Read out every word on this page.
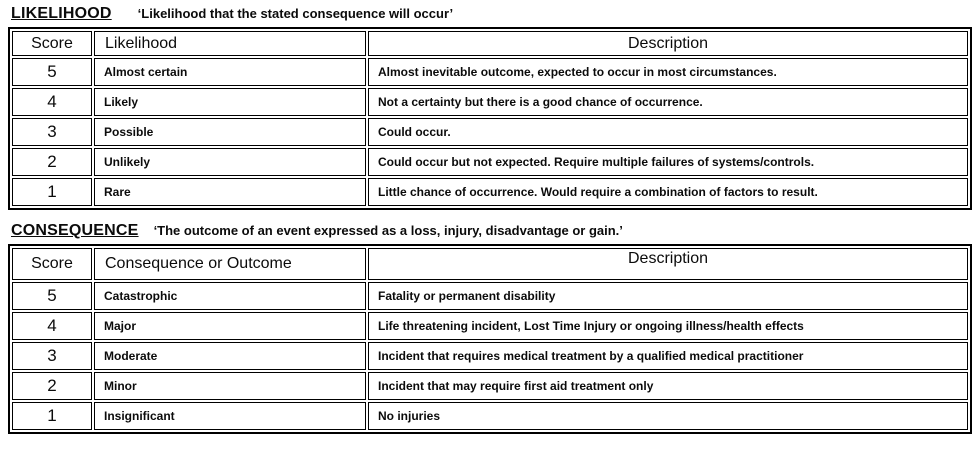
LIKELIHOOD ‘Likelihood that the stated consequence will occur’
Score	Likelihood	Description
5	Almost certain	Almost inevitable outcome, expected to occur in most circumstances.
4	Likely	Not a certainty but there is a good chance of occurrence.
3	Possible	Could occur.
2	Unlikely	Could occur but not expected. Require multiple failures of systems/controls.
1	Rare	Little chance of occurrence. Would require a combination of factors to result.
CONSEQUENCE ‘The outcome of an event expressed as a loss, injury, disadvantage or gain.’
Score	Consequence or Outcome	Description
5	Catastrophic	Fatality or permanent disability
4	Major	Life threatening incident, Lost Time Injury or ongoing illness/health effects
3	Moderate	Incident that requires medical treatment by a qualified medical practitioner
2	Minor	Incident that may require first aid treatment only
1	Insignificant	No injuries
